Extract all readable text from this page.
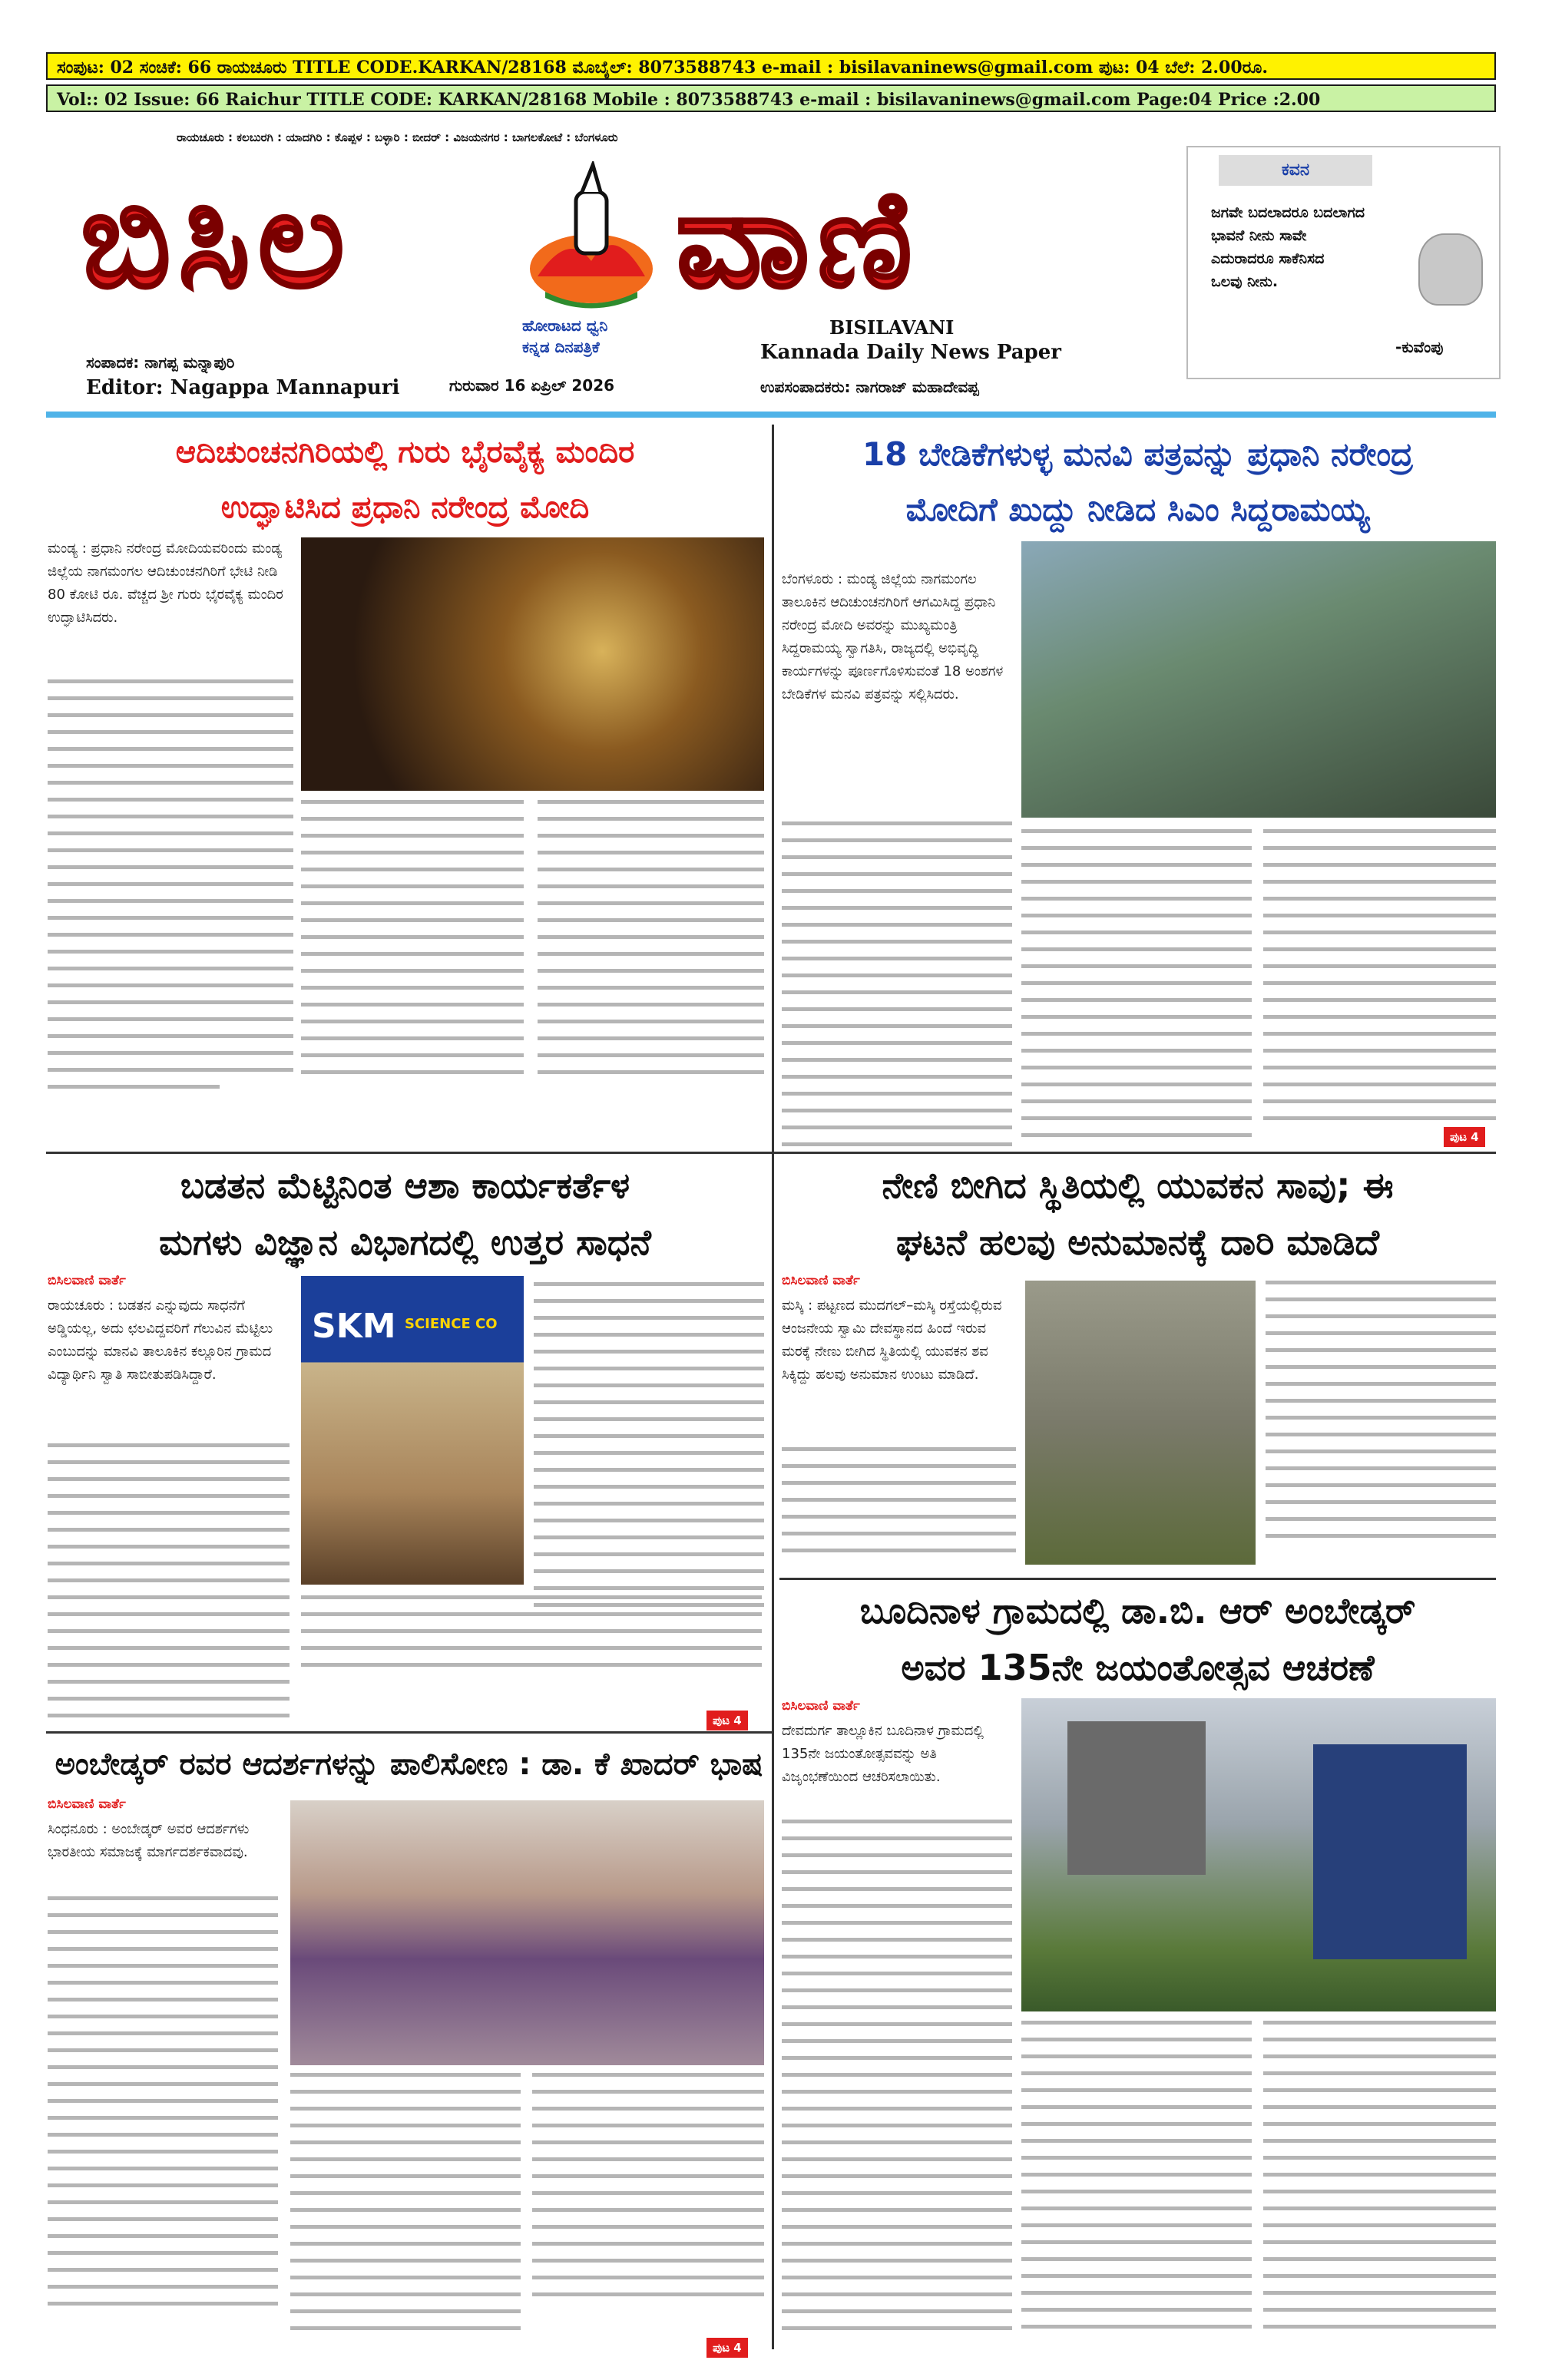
ಸಂಪುಟ: 02 ಸಂಚಿಕೆ: 66 ರಾಯಚೂರು TITLE CODE.KARKAN/28168 ಮೊಬೈಲ್: 8073588743 e-mail : bisilavaninews@gmail.com ಪುಟ: 04 ಬೆಲೆ: 2.00ರೂ.
Vol:: 02 Issue: 66 Raichur TITLE CODE: KARKAN/28168 Mobile : 8073588743 e-mail : bisilavaninews@gmail.com Page:04 Price :2.00
ರಾಯಚೂರು : ಕಲಬುರಗಿ : ಯಾದಗಿರಿ : ಕೊಪ್ಪಳ : ಬಳ್ಳಾರಿ : ಬೀದರ್ : ವಿಜಯನಗರ : ಬಾಗಲಕೋಟೆ : ಬೆಂಗಳೂರು
ಬಿಸಿಲ ವಾಣಿ
ಹೋರಾಟದ ಧ್ವನಿ
ಕನ್ನಡ ದಿನಪತ್ರಿಕೆ
BISILAVANI
Kannada Daily News Paper
ಸಂಪಾದಕ: ನಾಗಪ್ಪ ಮನ್ನಾಪುರಿ
Editor: Nagappa Mannapuri	ಗುರುವಾರ 16 ಏಪ್ರಿಲ್ 2026	ಉಪಸಂಪಾದಕರು: ನಾಗರಾಜ್ ಮಹಾದೇವಪ್ಪ
ಕವನ
ಜಗವೇ ಬದಲಾದರೂ ಬದಲಾಗದ
ಭಾವನೆ ನೀನು ಸಾವೇ
ಎದುರಾದರೂ ಸಾಕೆನಿಸದ
ಒಲವು ನೀನು.
-ಕುವೆಂಪು
ಆದಿಚುಂಚನಗಿರಿಯಲ್ಲಿ ಗುರು ಭೈರವೈಕ್ಯ ಮಂದಿರ
ಉದ್ಘಾಟಿಸಿದ ಪ್ರಧಾನಿ ನರೇಂದ್ರ ಮೋದಿ
ಮಂಡ್ಯ : ಪ್ರಧಾನಿ ನರೇಂದ್ರ ಮೋದಿಯವರಿಂದು ಮಂಡ್ಯ ಜಿಲ್ಲೆಯ ನಾಗಮಂಗಲ ಆದಿಚುಂಚನಗಿರಿಗೆ ಭೇಟಿ ನೀಡಿ 80 ಕೋಟಿ ರೂ. ವೆಚ್ಚದ ಶ್ರೀ ಗುರು ಭೈರವೈಕ್ಯ ಮಂದಿರ ಉದ್ಘಾಟಿಸಿದರು.
18 ಬೇಡಿಕೆಗಳುಳ್ಳ ಮನವಿ ಪತ್ರವನ್ನು ಪ್ರಧಾನಿ ನರೇಂದ್ರ
ಮೋದಿಗೆ ಖುದ್ದು ನೀಡಿದ ಸಿಎಂ ಸಿದ್ದರಾಮಯ್ಯ
ಬೆಂಗಳೂರು : ಮಂಡ್ಯ ಜಿಲ್ಲೆಯ ನಾಗಮಂಗಲ ತಾಲೂಕಿನ ಆದಿಚುಂಚನಗಿರಿಗೆ ಆಗಮಿಸಿದ್ದ ಪ್ರಧಾನಿ ನರೇಂದ್ರ ಮೋದಿ ಅವರನ್ನು ಮುಖ್ಯಮಂತ್ರಿ ಸಿದ್ದರಾಮಯ್ಯ ಸ್ವಾಗತಿಸಿ, ರಾಜ್ಯದಲ್ಲಿ ಅಭಿವೃದ್ಧಿ ಕಾರ್ಯಗಳನ್ನು ಪೂರ್ಣಗೊಳಿಸುವಂತೆ 18 ಅಂಶಗಳ ಬೇಡಿಕೆಗಳ ಮನವಿ ಪತ್ರವನ್ನು ಸಲ್ಲಿಸಿದರು.
ಪುಟ 4
ಬಡತನ ಮೆಟ್ಟಿನಿಂತ ಆಶಾ ಕಾರ್ಯಕರ್ತೆಳ
ಮಗಳು ವಿಜ್ಞಾನ ವಿಭಾಗದಲ್ಲಿ ಉತ್ತರ ಸಾಧನೆ
ಬಿಸಿಲವಾಣಿ ವಾರ್ತೆ
ರಾಯಚೂರು : ಬಡತನ ಎನ್ನುವುದು ಸಾಧನೆಗೆ ಅಡ್ಡಿಯಲ್ಲ, ಅದು ಛಲವಿದ್ದವರಿಗೆ ಗೆಲುವಿನ ಮೆಟ್ಟಿಲು ಎಂಬುದನ್ನು ಮಾನವಿ ತಾಲೂಕಿನ ಕಲ್ಲೂರಿನ ಗ್ರಾಮದ ವಿದ್ಯಾರ್ಥಿನಿ ಸ್ವಾತಿ ಸಾಬೀತುಪಡಿಸಿದ್ದಾರೆ.
SKM SCIENCE CO
ಪುಟ 4
ನೇಣಿ ಬೀಗಿದ ಸ್ಥಿತಿಯಲ್ಲಿ ಯುವಕನ ಸಾವು; ಈ
ಘಟನೆ ಹಲವು ಅನುಮಾನಕ್ಕೆ ದಾರಿ ಮಾಡಿದೆ
ಬಿಸಿಲವಾಣಿ ವಾರ್ತೆ
ಮಸ್ಕಿ : ಪಟ್ಟಣದ ಮುದಗಲ್–ಮಸ್ಕಿ ರಸ್ತೆಯಲ್ಲಿರುವ ಆಂಜನೇಯ ಸ್ವಾಮಿ ದೇವಸ್ಥಾನದ ಹಿಂದೆ ಇರುವ ಮರಕ್ಕೆ ನೇಣು ಬೀಗಿದ ಸ್ಥಿತಿಯಲ್ಲಿ ಯುವಕನ ಶವ ಸಿಕ್ಕಿದ್ದು ಹಲವು ಅನುಮಾನ ಉಂಟು ಮಾಡಿದೆ.
ಬೂದಿನಾಳ ಗ್ರಾಮದಲ್ಲಿ ಡಾ.ಬಿ. ಆರ್ ಅಂಬೇಡ್ಕರ್
ಅವರ 135ನೇ ಜಯಂತೋತ್ಸವ ಆಚರಣೆ
ಬಿಸಿಲವಾಣಿ ವಾರ್ತೆ
ದೇವದುರ್ಗ ತಾಲ್ಲೂಕಿನ ಬೂದಿನಾಳ ಗ್ರಾಮದಲ್ಲಿ 135ನೇ ಜಯಂತೋತ್ಸವವನ್ನು ಅತಿ ವಿಜೃಂಭಣೆಯಿಂದ ಆಚರಿಸಲಾಯಿತು.
ಅಂಬೇಡ್ಕರ್ ರವರ ಆದರ್ಶಗಳನ್ನು ಪಾಲಿಸೋಣ : ಡಾ. ಕೆ ಖಾದರ್ ಭಾಷ
ಬಿಸಿಲವಾಣಿ ವಾರ್ತೆ
ಸಿಂಧನೂರು : ಅಂಬೇಡ್ಕರ್ ಅವರ ಆದರ್ಶಗಳು ಭಾರತೀಯ ಸಮಾಜಕ್ಕೆ ಮಾರ್ಗದರ್ಶಕವಾದವು.
ಪುಟ 4
